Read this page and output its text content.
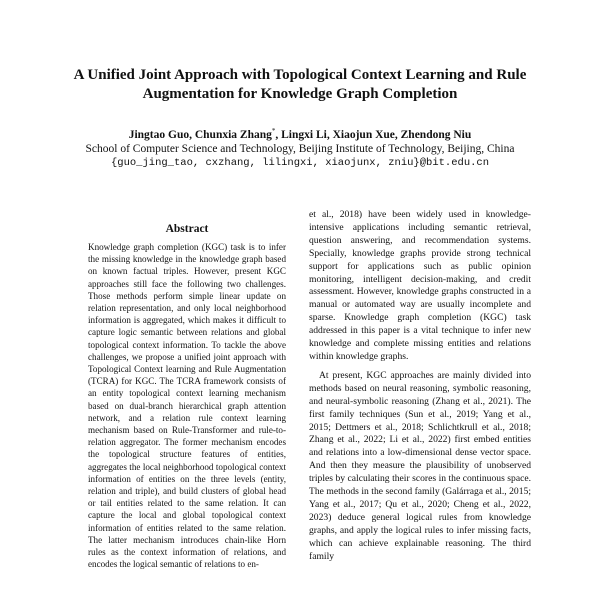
A Unified Joint Approach with Topological Context Learning and Rule
Augmentation for Knowledge Graph Completion
Jingtao Guo, Chunxia Zhang*, Lingxi Li, Xiaojun Xue, Zhendong Niu
School of Computer Science and Technology, Beijing Institute of Technology, Beijing, China
{guo_jing_tao, cxzhang, lilingxi, xiaojunx, zniu}@bit.edu.cn
Abstract

Knowledge graph completion (KGC) task is to infer the missing knowledge in the knowledge graph based on known factual triples. However, present KGC approaches still face the following two challenges. Those methods perform simple linear update on relation representation, and only local neighborhood information is aggregated, which makes it difficult to capture logic semantic between relations and global topological context information. To tackle the above challenges, we propose a unified joint approach with Topological Context learning and Rule Augmentation (TCRA) for KGC. The TCRA framework consists of an entity topological context learning mechanism based on dual-branch hierarchical graph attention network, and a relation rule context learning mechanism based on Rule-Transformer and rule-to-relation aggregator. The former mechanism encodes the topological structure features of entities, aggregates the local neighborhood topological context information of entities on the three levels (entity, relation and triple), and build clusters of global head or tail entities related to the same relation. It can capture the local and global topological context information of entities related to the same relation. The latter mechanism introduces chain-like Horn rules as the context information of relations, and encodes the logical semantic of relations to en-

et al., 2018) have been widely used in knowledge-intensive applications including semantic retrieval, question answering, and recommendation systems. Specially, knowledge graphs provide strong technical support for applications such as public opinion monitoring, intelligent decision-making, and credit assessment. However, knowledge graphs constructed in a manual or automated way are usually incomplete and sparse. Knowledge graph completion (KGC) task addressed in this paper is a vital technique to infer new knowledge and complete missing entities and relations within knowledge graphs.

At present, KGC approaches are mainly divided into methods based on neural reasoning, symbolic reasoning, and neural-symbolic reasoning (Zhang et al., 2021). The first family techniques (Sun et al., 2019; Yang et al., 2015; Dettmers et al., 2018; Schlichtkrull et al., 2018; Zhang et al., 2022; Li et al., 2022) first embed entities and relations into a low-dimensional dense vector space. And then they measure the plausibility of unobserved triples by calculating their scores in the continuous space. The methods in the second family (Galárraga et al., 2015; Yang et al., 2017; Qu et al., 2020; Cheng et al., 2022, 2023) deduce general logical rules from knowledge graphs, and apply the logical rules to infer missing facts, which can achieve explainable reasoning. The third family
